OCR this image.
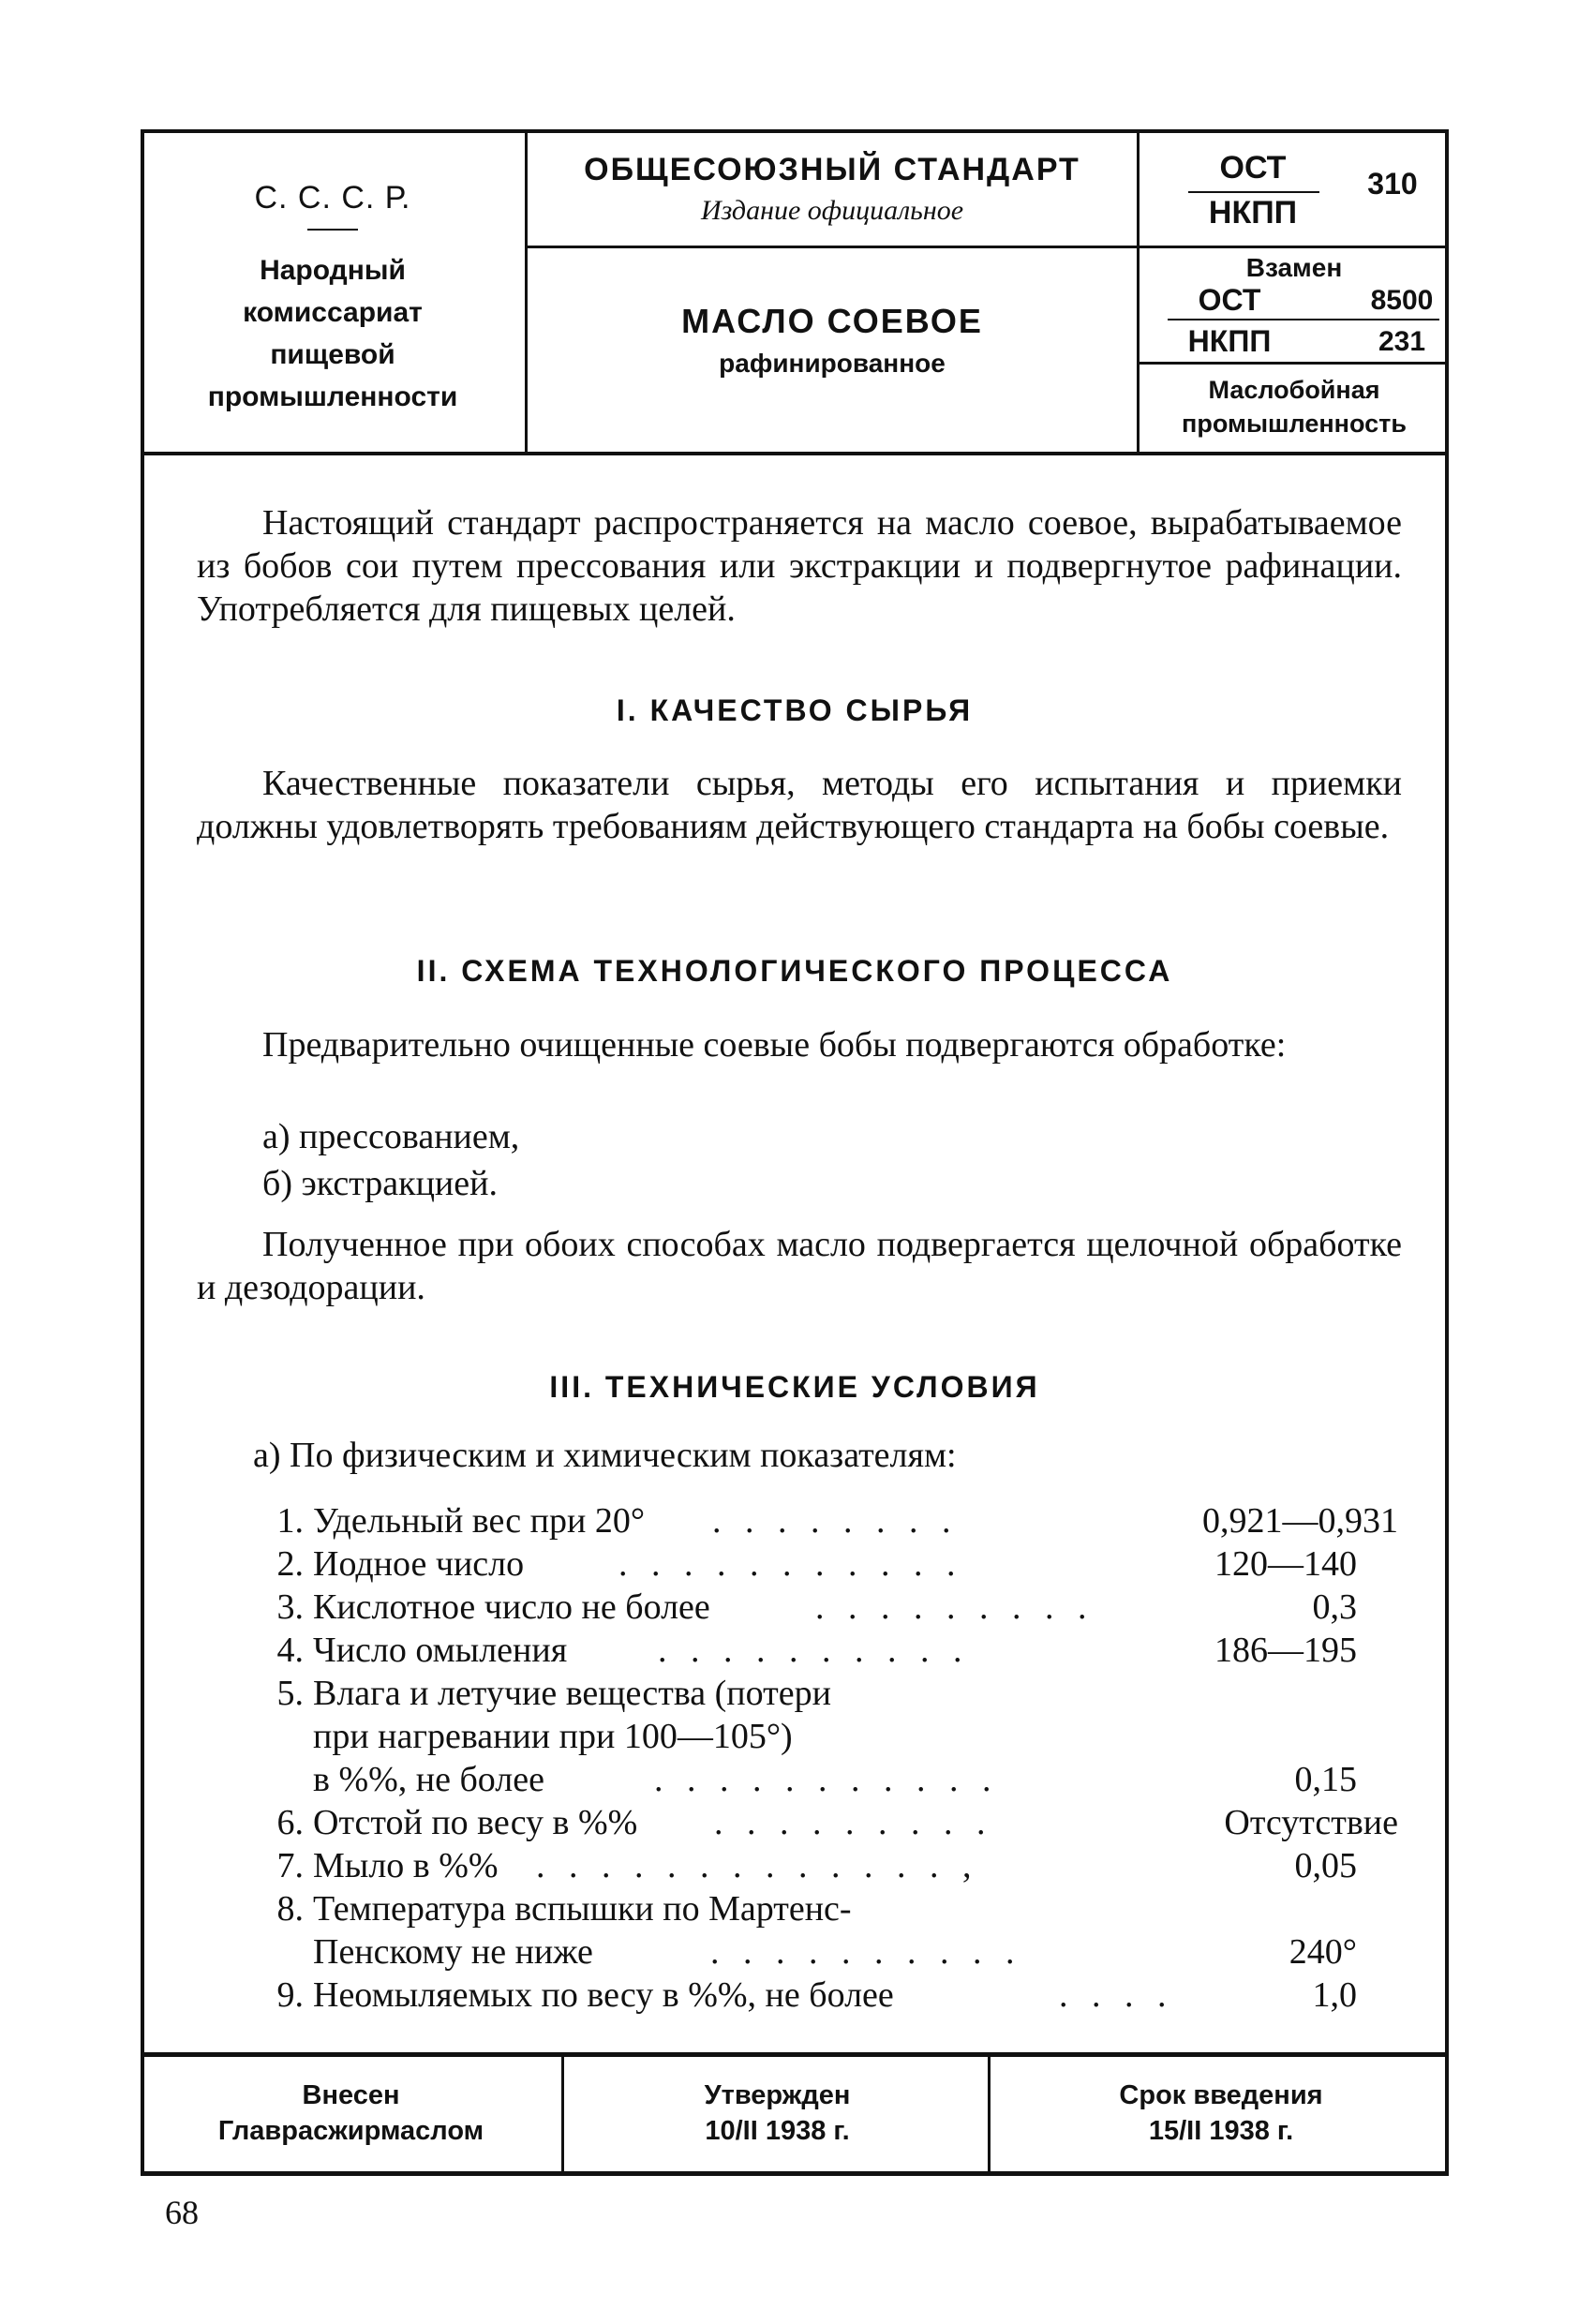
С. С. С. Р.
Народный
комиссариат
пищевой
промышленности
ОБЩЕСОЮЗНЫЙ СТАНДАРТ
Издание официальное
МАСЛО СОЕВОЕ
рафинированное
ОСТ
НКПП
310
Взамен
ОСТ	8500
НКПП	231
Маслобойная
промышленность
Настоящий стандарт распространяется на масло соевое, вырабатываемое из бобов сои путем прессования или экстракции и подвергнутое рафинации. Употребляется для пищевых целей.
I. КАЧЕСТВО СЫРЬЯ
Качественные показатели сырья, методы его испытания и приемки должны удовлетворять требованиям действующего стандарта на бобы соевые.
II. СХЕМА ТЕХНОЛОГИЧЕСКОГО ПРОЦЕССА
Предварительно очищенные соевые бобы подвергаются обработке:
а) прессованием,
б) экстракцией.
Полученное при обоих способах масло подвергается щелочной обработке и дезодорации.
III. ТЕХНИЧЕСКИЕ УСЛОВИЯ
а) По физическим и химическим показателям:
1. Удельный вес при 20° . . . . . . . .	0,921—0,931
2. Иодное число	. . . . . . . . . . .	120—140
3. Кислотное число не более	. . . . . . . . .	0,3
4. Число омыления	. . . . . . . . . .	186—195
5. Влага и летучие вещества (потери
при нагревании при 100—105°)
в %%, не более	. . . . . . . . . . .	0,15
6. Отстой по весу в %% . . . . . . . . .	Отсутствие
7. Мыло в %% . . . . . . . . . . . . . ,	0,05
8. Температура вспышки по Мартенс-
Пенскому не ниже	. . . . . . . . . .	240°
9. Неомыляемых по весу в %%, не более	. . . .	1,0
Внесен
Главрасжирмаслом
Утвержден
10/II 1938 г.
Срок введения
15/II 1938 г.
68
